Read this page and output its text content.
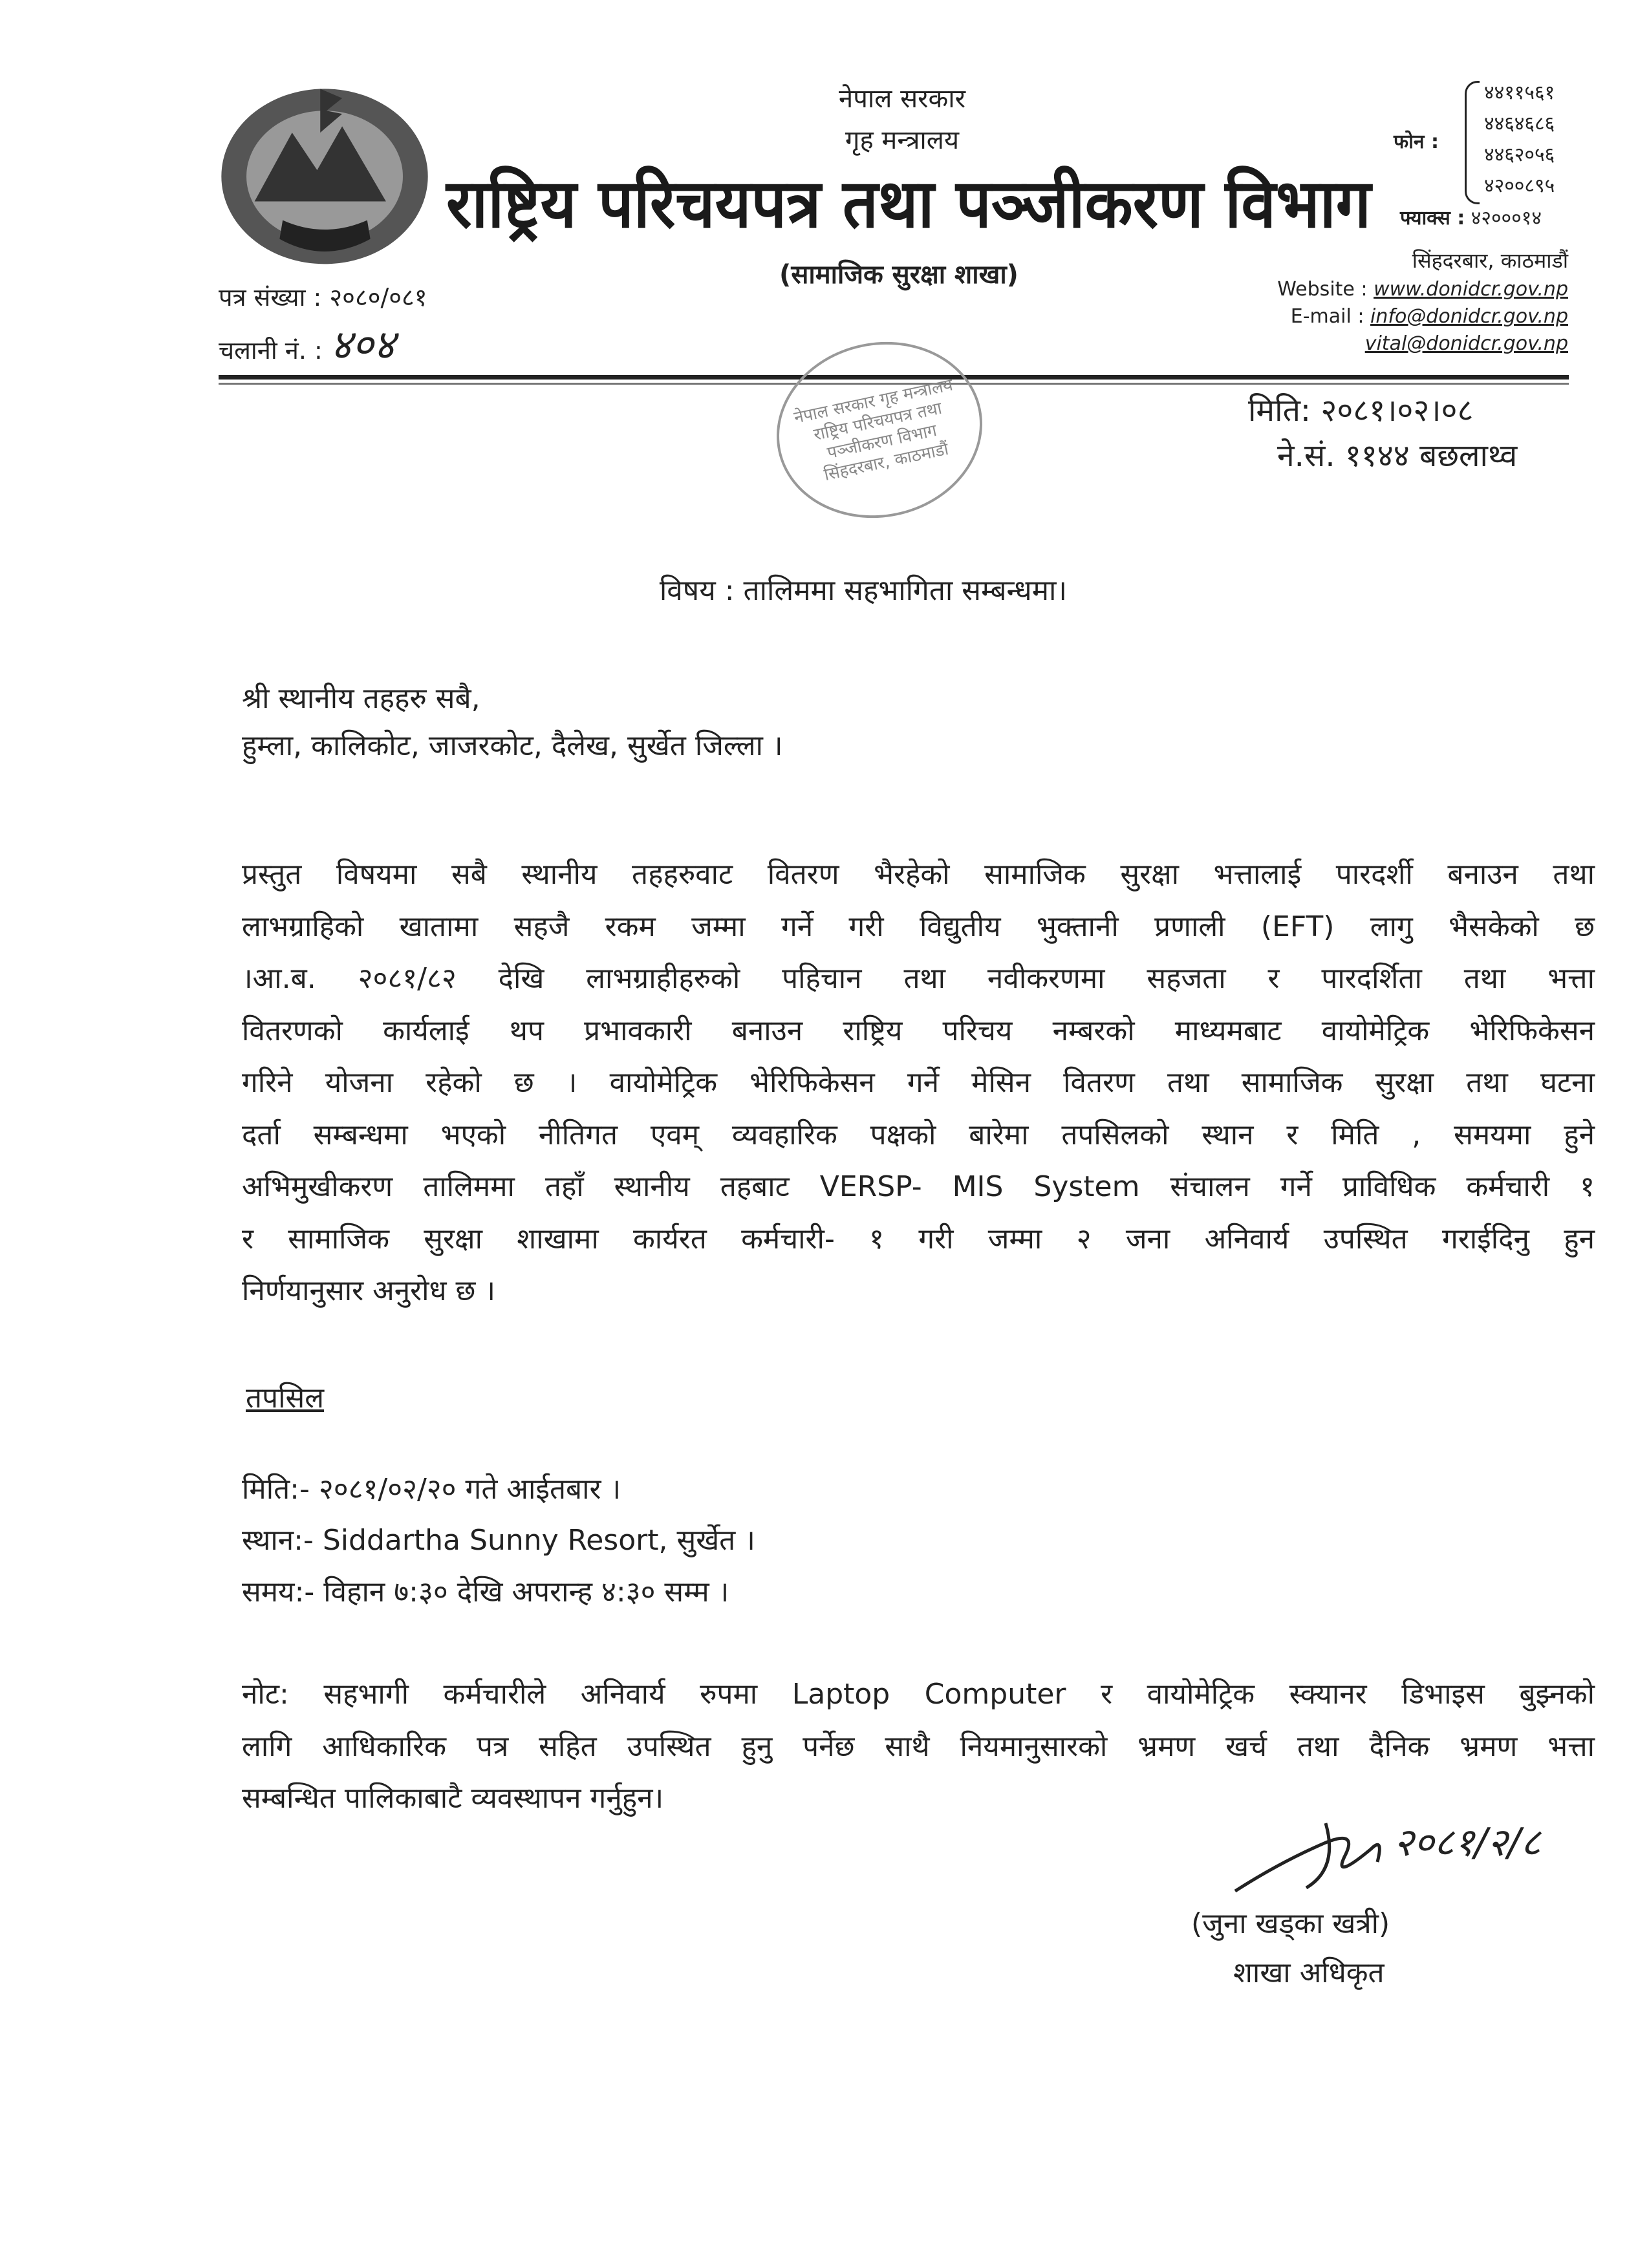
नेपाल सरकार
गृह मन्त्रालय
राष्ट्रिय परिचयपत्र तथा पञ्जीकरण विभाग
(सामाजिक सुरक्षा शाखा)
फोन :
४४११५६१
४४६४६८६
४४६२०५६
४२००८९५
फ्याक्स : ४२०००१४
सिंहदरबार, काठमाडौं
Website : www.donidcr.gov.np
E-mail : info@donidcr.gov.np
vital@donidcr.gov.np
पत्र संख्या : २०८०/०८१
चलानी नं. : ४०४
नेपाल सरकार गृह मन्त्रालय राष्ट्रिय परिचयपत्र तथा पञ्जीकरण विभाग सिंहदरबार, काठमाडौं
मिति: २०८१।०२।०८
ने.सं. ११४४ बछलाथ्व
विषय : तालिममा सहभागिता सम्बन्धमा।
श्री स्थानीय तहहरु सबै,
हुम्ला, कालिकोट, जाजरकोट, दैलेख, सुर्खेत जिल्ला ।
प्रस्तुत विषयमा सबै स्थानीय तहहरुवाट वितरण भैरहेको सामाजिक सुरक्षा भत्तालाई पारदर्शी बनाउन तथा
लाभग्राहिको खातामा सहजै रकम जम्मा गर्ने गरी विद्युतीय भुक्तानी प्रणाली (EFT) लागु भैसकेको छ
।आ.ब. २०८१/८२ देखि लाभग्राहीहरुको पहिचान तथा नवीकरणमा सहजता र पारदर्शिता तथा भत्ता
वितरणको कार्यलाई थप प्रभावकारी बनाउन राष्ट्रिय परिचय नम्बरको माध्यमबाट वायोमेट्रिक भेरिफिकेसन
गरिने योजना रहेको छ । वायोमेट्रिक भेरिफिकेसन गर्ने मेसिन वितरण तथा सामाजिक सुरक्षा तथा घटना
दर्ता सम्बन्धमा भएको नीतिगत एवम् व्यवहारिक पक्षको बारेमा तपसिलको स्थान र मिति , समयमा हुने
अभिमुखीकरण तालिममा तहाँ स्थानीय तहबाट VERSP- MIS System संचालन गर्ने प्राविधिक कर्मचारी १
र सामाजिक सुरक्षा शाखामा कार्यरत कर्मचारी- १ गरी जम्मा २ जना अनिवार्य उपस्थित गराईदिनु हुन
निर्णयानुसार अनुरोध छ ।
तपसिल
मिति:- २०८१/०२/२० गते आईतबार ।
स्थान:- Siddartha Sunny Resort, सुर्खेत ।
समय:- विहान ७:३० देखि अपरान्ह ४:३० सम्म ।
नोट: सहभागी कर्मचारीले अनिवार्य रुपमा Laptop Computer र वायोमेट्रिक स्क्यानर डिभाइस बुझ्नको
लागि आधिकारिक पत्र सहित उपस्थित हुनु पर्नेछ साथै नियमानुसारको भ्रमण खर्च तथा दैनिक भ्रमण भत्ता
सम्बन्धित पालिकाबाटै व्यवस्थापन गर्नुहुन।
२०८१/२/८
(जुना खड्का खत्री)
शाखा अधिकृत
